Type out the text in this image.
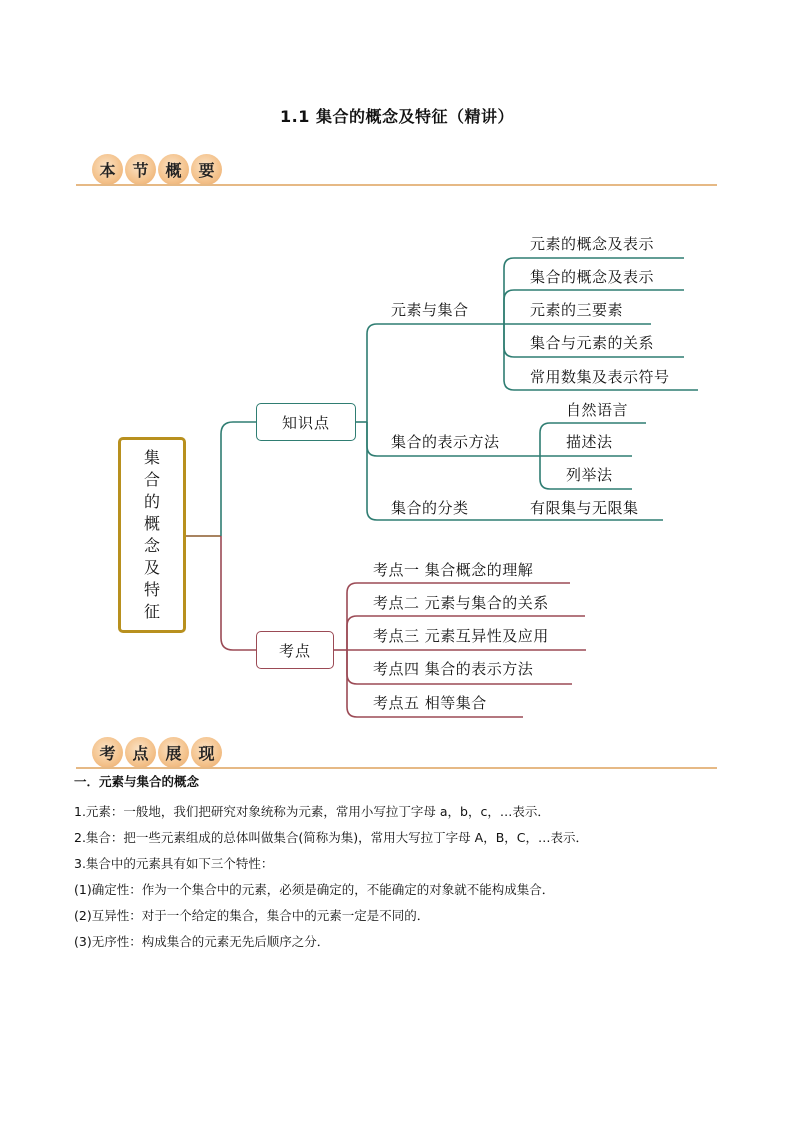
1.1 集合的概念及特征（精讲）
本	节	概	要
集
合
的
概
念
及
特
征
知识点
考点
元素与集合
集合的表示方法
集合的分类
元素的概念及表示
集合的概念及表示
元素的三要素
集合与元素的关系
常用数集及表示符号
自然语言
描述法
列举法
有限集与无限集
考点一 集合概念的理解
考点二 元素与集合的关系
考点三 元素互异性及应用
考点四 集合的表示方法
考点五 相等集合
考	点	展	现
一．元素与集合的概念
1.元素：一般地，我们把研究对象统称为元素，常用小写拉丁字母 a，b，c，…表示．
2.集合：把一些元素组成的总体叫做集合(简称为集)，常用大写拉丁字母 A，B，C，…表示．
3.集合中的元素具有如下三个特性：
(1)确定性：作为一个集合中的元素，必须是确定的，不能确定的对象就不能构成集合．
(2)互异性：对于一个给定的集合，集合中的元素一定是不同的．
(3)无序性：构成集合的元素无先后顺序之分．
